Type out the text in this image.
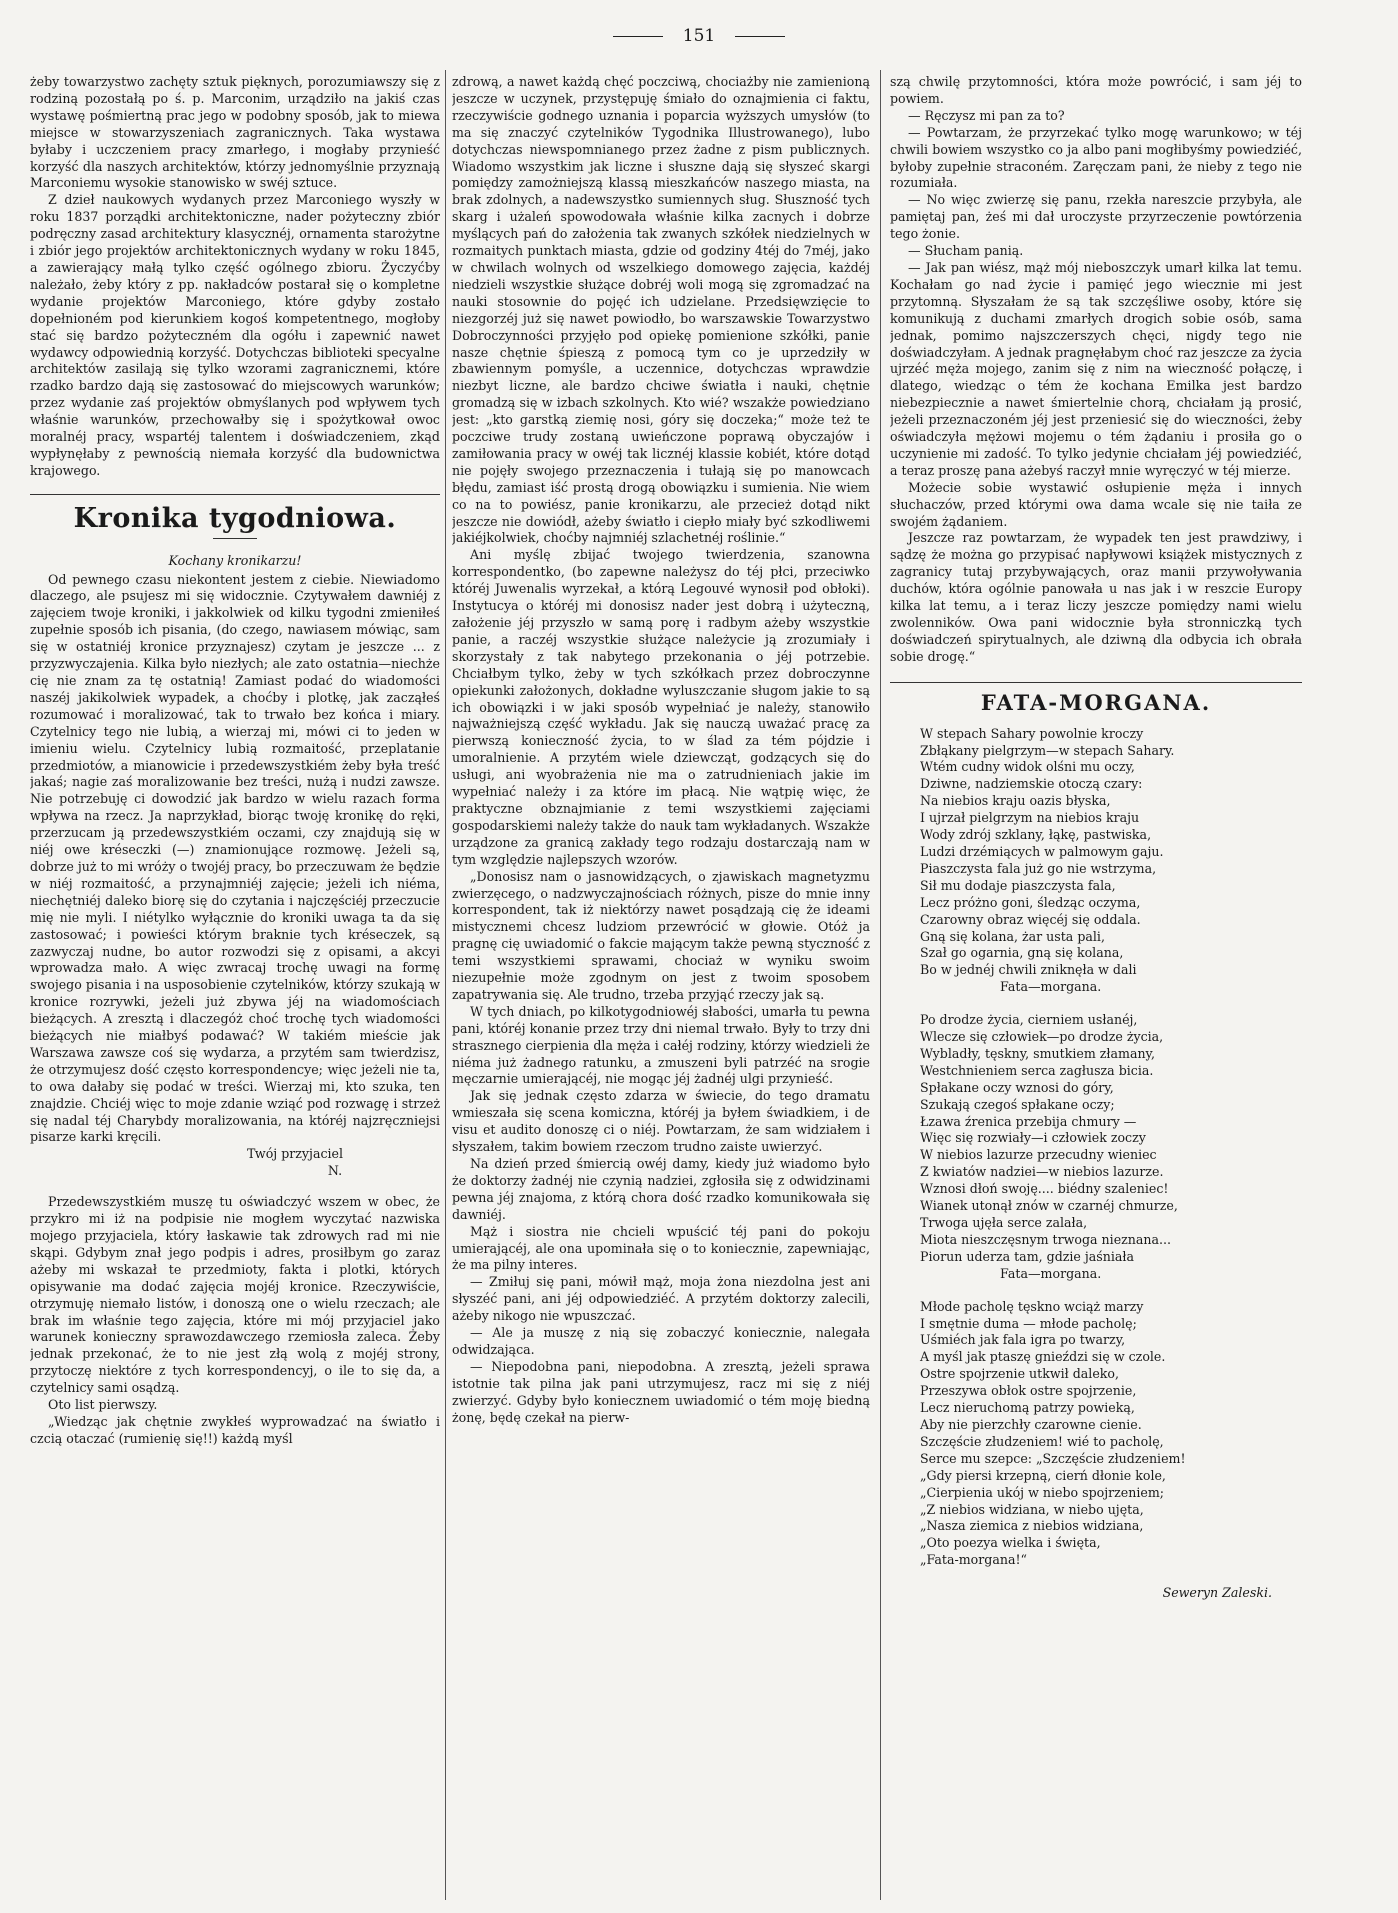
151

żeby towarzystwo zachęty sztuk pięknych, porozumiawszy się z rodziną pozostałą po ś. p. Marconim, urządziło na jakiś czas wystawę pośmiertną prac jego w podobny sposób, jak to miewa miejsce w stowarzyszeniach zagranicznych. Taka wystawa byłaby i uczczeniem pracy zmarłego, i mogłaby przynieść korzyść dla naszych architektów, którzy jednomyślnie przyznają Marconiemu wysokie stanowisko w swéj sztuce.

Z dzieł naukowych wydanych przez Marconiego wyszły w roku 1837 porządki architektoniczne, nader pożyteczny zbiór podręczny zasad architektury klasycznéj, ornamenta starożytne i zbiór jego projektów architektonicznych wydany w roku 1845, a zawierający małą tylko część ogólnego zbioru. Życzyćby należało, żeby który z pp. nakładców postarał się o kompletne wydanie projektów Marconiego, które gdyby zostało dopełnioném pod kierunkiem kogoś kompetentnego, mogłoby stać się bardzo pożyteczném dla ogółu i zapewnić nawet wydawcy odpowiednią korzyść. Dotychczas biblioteki specyalne architektów zasilają się tylko wzorami zagranicznemi, które rzadko bardzo dają się zastosować do miejscowych warunków; przez wydanie zaś projektów obmyślanych pod wpływem tych właśnie warunków, przechowałby się i spożytkował owoc moralnéj pracy, wspartéj talentem i doświadczeniem, zkąd wypłynęłaby z pewnością niemała korzyść dla budownictwa krajowego.

Kronika tygodniowa.
Kochany kronikarzu!

Od pewnego czasu niekontent jestem z ciebie. Niewiadomo dlaczego, ale psujesz mi się widocznie. Czytywałem dawniéj z zajęciem twoje kroniki, i jakkolwiek od kilku tygodni zmieniłeś zupełnie sposób ich pisania, (do czego, nawiasem mówiąc, sam się w ostatniéj kronice przyznajesz) czytam je jeszcze ... z przyzwyczajenia. Kilka było niezłych; ale zato ostatnia—niechże cię nie znam za tę ostatnią! Zamiast podać do wiadomości naszéj jakikolwiek wypadek, a choćby i plotkę, jak zacząłeś rozumować i moralizować, tak to trwało bez końca i miary. Czytelnicy tego nie lubią, a wierzaj mi, mówi ci to jeden w imieniu wielu. Czytelnicy lubią rozmaitość, przeplatanie przedmiotów, a mianowicie i przedewszystkiém żeby była treść jakaś; nagie zaś moralizowanie bez treści, nużą i nudzi zawsze. Nie potrzebuję ci dowodzić jak bardzo w wielu razach forma wpływa na rzecz. Ja naprzykład, biorąc twoję kronikę do ręki, przerzucam ją przedewszystkiém oczami, czy znajdują się w niéj owe kréseczki (—) znamionujące rozmowę. Jeżeli są, dobrze już to mi wróży o twojéj pracy, bo przeczuwam że będzie w niéj rozmaitość, a przynajmniéj zajęcie; jeżeli ich niéma, niechętniéj daleko biorę się do czytania i najczęściéj przeczucie mię nie myli. I niétylko wyłącznie do kroniki uwaga ta da się zastosować; i powieści którym braknie tych kréseczek, są zazwyczaj nudne, bo autor rozwodzi się z opisami, a akcyi wprowadza mało. A więc zwracaj trochę uwagi na formę swojego pisania i na usposobienie czytelników, którzy szukają w kronice rozrywki, jeżeli już zbywa jéj na wiadomościach bieżących. A zresztą i dlaczegóż choć trochę tych wiadomości bieżących nie miałbyś podawać? W takiém mieście jak Warszawa zawsze coś się wydarza, a przytém sam twierdzisz, że otrzymujesz dość często korrespondencye; więc jeżeli nie ta, to owa dałaby się podać w treści. Wierzaj mi, kto szuka, ten znajdzie. Chciéj więc to moje zdanie wziąć pod rozwagę i strzeż się nadal téj Charybdy moralizowania, na któréj najzręczniejsi pisarze karki kręcili.

Twój przyjaciel
N.

Przedewszystkiém muszę tu oświadczyć wszem w obec, że przykro mi iż na podpisie nie mogłem wyczytać nazwiska mojego przyjaciela, który łaskawie tak zdrowych rad mi nie skąpi. Gdybym znał jego podpis i adres, prosiłbym go zaraz ażeby mi wskazał te przedmioty, fakta i plotki, których opisywanie ma dodać zajęcia mojéj kronice. Rzeczywiście, otrzymuję niemało listów, i donoszą one o wielu rzeczach; ale brak im właśnie tego zajęcia, które mi mój przyjaciel jako warunek konieczny sprawozdawczego rzemiosła zaleca. Żeby jednak przekonać, że to nie jest złą wolą z mojéj strony, przytoczę niektóre z tych korrespondencyj, o ile to się da, a czytelnicy sami osądzą.

Oto list pierwszy.

„Wiedząc jak chętnie zwykłeś wyprowadzać na światło i czcią otaczać (rumienię się!!) każdą myśl

zdrową, a nawet każdą chęć poczciwą, chociażby nie zamienioną jeszcze w uczynek, przystępuję śmiało do oznajmienia ci faktu, rzeczywiście godnego uznania i poparcia wyższych umysłów (to ma się znaczyć czytelników Tygodnika Illustrowanego), lubo dotychczas niewspomnianego przez żadne z pism publicznych. Wiadomo wszystkim jak liczne i słuszne dają się słyszeć skargi pomiędzy zamożniejszą klassą mieszkańców naszego miasta, na brak zdolnych, a nadewszystko sumiennych sług. Słuszność tych skarg i użaleń spowodowała właśnie kilka zacnych i dobrze myślących pań do założenia tak zwanych szkółek niedzielnych w rozmaitych punktach miasta, gdzie od godziny 4téj do 7méj, jako w chwilach wolnych od wszelkiego domowego zajęcia, każdéj niedzieli wszystkie służące dobréj woli mogą się zgromadzać na nauki stosownie do pojęć ich udzielane. Przedsięwzięcie to niezgorzéj już się nawet powiodło, bo warszawskie Towarzystwo Dobroczynności przyjęło pod opiekę pomienione szkółki, panie nasze chętnie śpieszą z pomocą tym co je uprzedziły w zbawiennym pomyśle, a uczennice, dotychczas wprawdzie niezbyt liczne, ale bardzo chciwe światła i nauki, chętnie gromadzą się w izbach szkolnych. Kto wié? wszakże powiedziano jest: „kto garstką ziemię nosi, góry się doczeka;“ może też te poczciwe trudy zostaną uwieńczone poprawą obyczajów i zamiłowania pracy w owéj tak licznéj klassie kobiét, które dotąd nie pojęły swojego przeznaczenia i tułają się po manowcach błędu, zamiast iść prostą drogą obowiązku i sumienia. Nie wiem co na to powiész, panie kronikarzu, ale przecież dotąd nikt jeszcze nie dowiódł, ażeby światło i ciepło miały być szkodliwemi jakiéjkolwiek, choćby najmniéj szlachetnéj roślinie.“

Ani myślę zbijać twojego twierdzenia, szanowna korrespondentko, (bo zapewne należysz do téj płci, przeciwko któréj Juwenalis wyrzekał, a którą Legouvé wynosił pod obłoki). Instytucya o któréj mi donosisz nader jest dobrą i użyteczną, założenie jéj przyszło w samą porę i radbym ażeby wszystkie panie, a raczéj wszystkie służące należycie ją zrozumiały i skorzystały z tak nabytego przekonania o jéj potrzebie. Chciałbym tylko, żeby w tych szkółkach przez dobroczynne opiekunki założonych, dokładne wyluszczanie sługom jakie to są ich obowiązki i w jaki sposób wypełniać je należy, stanowiło najważniejszą część wykładu. Jak się nauczą uważać pracę za pierwszą konieczność życia, to w ślad za tém pójdzie i umoralnienie. A przytém wiele dziewcząt, godzących się do usługi, ani wyobrażenia nie ma o zatrudnieniach jakie im wypełniać należy i za które im płacą. Nie wątpię więc, że praktyczne obznajmianie z temi wszystkiemi zajęciami gospodarskiemi należy także do nauk tam wykładanych. Wszakże urządzone za granicą zakłady tego rodzaju dostarczają nam w tym względzie najlepszych wzorów.

„Donosisz nam o jasnowidzących, o zjawiskach magnetyzmu zwierzęcego, o nadzwyczajnościach różnych, pisze do mnie inny korrespondent, tak iż niektórzy nawet posądzają cię że ideami mistycznemi chcesz ludziom przewrócić w głowie. Otóż ja pragnę cię uwiadomić o fakcie mającym także pewną styczność z temi wszystkiemi sprawami, chociaż w wyniku swoim niezupełnie może zgodnym on jest z twoim sposobem zapatrywania się. Ale trudno, trzeba przyjąć rzeczy jak są.

W tych dniach, po kilkotygodniowéj słabości, umarła tu pewna pani, któréj konanie przez trzy dni niemal trwało. Były to trzy dni strasznego cierpienia dla męża i całéj rodziny, którzy wiedzieli że niéma już żadnego ratunku, a zmuszeni byli patrzéć na srogie męczarnie umierającéj, nie mogąc jéj żadnéj ulgi przynieść.

Jak się jednak często zdarza w świecie, do tego dramatu wmieszała się scena komiczna, któréj ja byłem świadkiem, i de visu et audito donoszę ci o niéj. Powtarzam, że sam widziałem i słyszałem, takim bowiem rzeczom trudno zaiste uwierzyć.

Na dzień przed śmiercią owéj damy, kiedy już wiadomo było że doktorzy żadnéj nie czynią nadziei, zgłosiła się z odwidzinami pewna jéj znajoma, z którą chora dość rzadko komunikowała się dawniéj.

Mąż i siostra nie chcieli wpuścić téj pani do pokoju umierającéj, ale ona upominała się o to koniecznie, zapewniając, że ma pilny interes.

— Zmiłuj się pani, mówił mąż, moja żona niezdolna jest ani słyszéć pani, ani jéj odpowiedziéć. A przytém doktorzy zalecili, ażeby nikogo nie wpuszczać.

— Ale ja muszę z nią się zobaczyć koniecznie, nalegała odwidzająca.

— Niepodobna pani, niepodobna. A zresztą, jeżeli sprawa istotnie tak pilna jak pani utrzymujesz, racz mi się z niéj zwierzyć. Gdyby było koniecznem uwiadomić o tém moję biedną żonę, będę czekał na pierw-

szą chwilę przytomności, która może powrócić, i sam jéj to powiem.

— Ręczysz mi pan za to?

— Powtarzam, że przyrzekać tylko mogę warunkowo; w téj chwili bowiem wszystko co ja albo pani mogłibyśmy powiedziéć, byłoby zupełnie straconém. Zaręczam pani, że nieby z tego nie rozumiała.

— No więc zwierzę się panu, rzekła nareszcie przybyła, ale pamiętaj pan, żeś mi dał uroczyste przyrzeczenie powtórzenia tego żonie.

— Słucham panią.

— Jak pan wiész, mąż mój nieboszczyk umarł kilka lat temu. Kochałam go nad życie i pamięć jego wiecznie mi jest przytomną. Słyszałam że są tak szczęśliwe osoby, które się komunikują z duchami zmarłych drogich sobie osób, sama jednak, pomimo najszczerszych chęci, nigdy tego nie doświadczyłam. A jednak pragnęłabym choć raz jeszcze za życia ujrzéć męża mojego, zanim się z nim na wieczność połączę, i dlatego, wiedząc o tém że kochana Emilka jest bardzo niebezpiecznie a nawet śmiertelnie chorą, chciałam ją prosić, jeżeli przeznaczoném jéj jest przeniesić się do wieczności, żeby oświadczyła mężowi mojemu o tém żądaniu i prosiła go o uczynienie mi zadość. To tylko jedynie chciałam jéj powiedziéć, a teraz proszę pana ażebyś raczył mnie wyręczyć w téj mierze.

Możecie sobie wystawić osłupienie męża i innych słuchaczów, przed którymi owa dama wcale się nie taiła ze swojém żądaniem.

Jeszcze raz powtarzam, że wypadek ten jest prawdziwy, i sądzę że można go przypisać napływowi książek mistycznych z zagranicy tutaj przybywających, oraz manii przywoływania duchów, która ogólnie panowała u nas jak i w reszcie Europy kilka lat temu, a i teraz liczy jeszcze pomiędzy nami wielu zwolenników. Owa pani widocznie była stronniczką tych doświadczeń spirytualnych, ale dziwną dla odbycia ich obrała sobie drogę.“

FATA-MORGANA.
W stepach Sahary powolnie kroczy
Zbłąkany pielgrzym—w stepach Sahary.
Wtém cudny widok olśni mu oczy,
Dziwne, nadziemskie otoczą czary:
Na niebios kraju oazis błyska,
I ujrzał pielgrzym na niebios kraju
Wody zdrój szklany, łąkę, pastwiska,
Ludzi drzémiących w palmowym gaju.
Piaszczysta fala już go nie wstrzyma,
Sił mu dodaje piaszczysta fala,
Lecz próżno goni, śledząc oczyma,
Czarowny obraz więcéj się oddala.
Gną się kolana, żar usta pali,
Szał go ogarnia, gną się kolana,
Bo w jednéj chwili zniknęła w dali
Fata—morgana.
Po drodze życia, cierniem usłanéj,
Wlecze się człowiek—po drodze życia,
Wybladły, tęskny, smutkiem złamany,
Westchnieniem serca zagłusza bicia.
Spłakane oczy wznosi do góry,
Szukają czegoś spłakane oczy;
Łzawa źrenica przebija chmury —
Więc się rozwiały—i człowiek zoczy
W niebios lazurze przecudny wieniec
Z kwiatów nadziei—w niebios lazurze.
Wznosi dłoń swoję.... biédny szaleniec!
Wianek utonął znów w czarnéj chmurze,
Trwoga ujęła serce zalała,
Miota nieszczęsnym trwoga nieznana...
Piorun uderza tam, gdzie jaśniała
Fata—morgana.
Młode pacholę tęskno wciąż marzy
I smętnie duma — młode pacholę;
Uśmiéch jak fala igra po twarzy,
A myśl jak ptaszę gnieździ się w czole.
Ostre spojrzenie utkwił daleko,
Przeszywa obłok ostre spojrzenie,
Lecz nieruchomą patrzy powieką,
Aby nie pierzchły czarowne cienie.
Szczęście złudzeniem! wié to pacholę,
Serce mu szepce: „Szczęście złudzeniem!
„Gdy piersi krzepną, cierń dłonie kole,
„Cierpienia ukój w niebo spojrzeniem;
„Z niebios widziana, w niebo ujęta,
„Nasza ziemica z niebios widziana,
„Oto poezya wielka i święta,
„Fata-morgana!“
Seweryn Zaleski.
